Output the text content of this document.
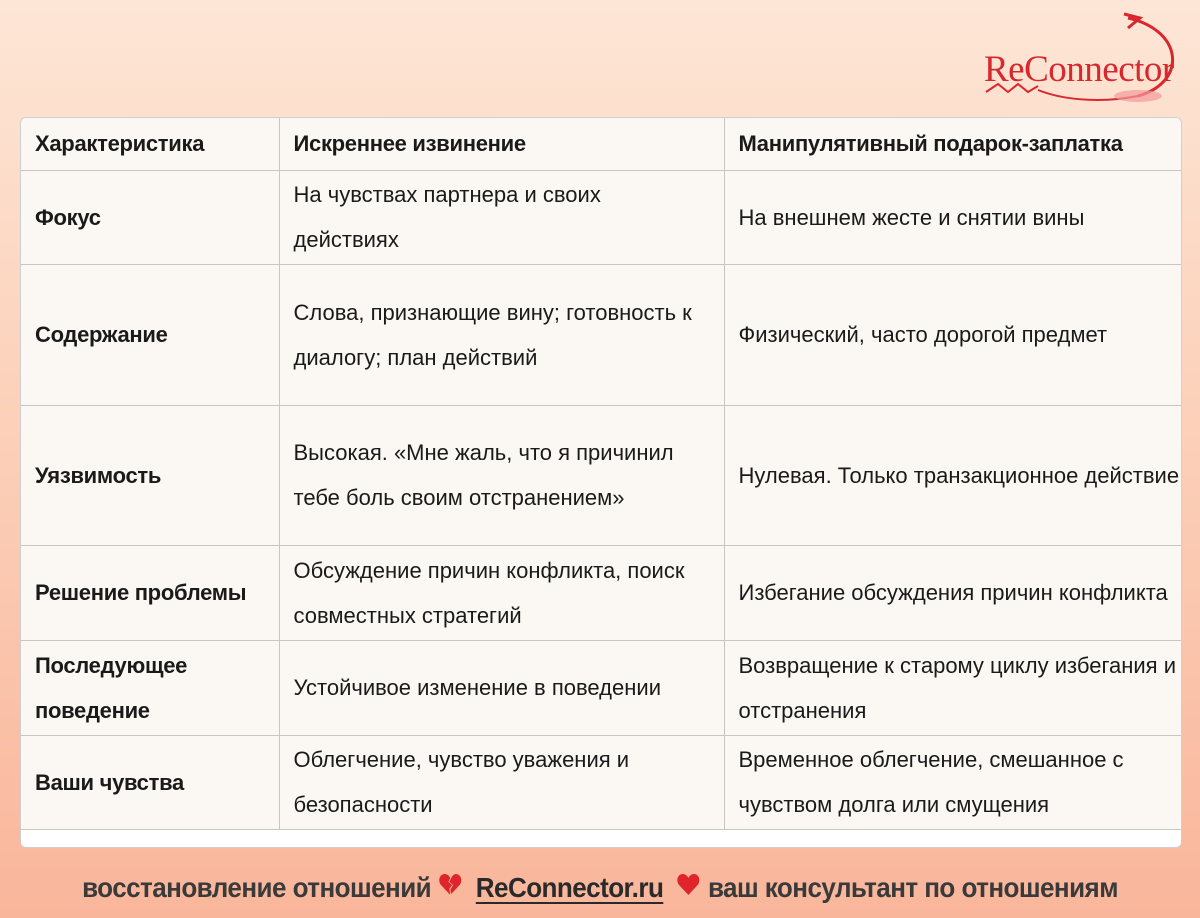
ReConnector
Характеристика	Искреннее извинение	Манипулятивный подарок-заплатка
Фокус	На чувствах партнера и своих действиях	На внешнем жесте и снятии вины
Содержание	Слова, признающие вину; готовность к диалогу; план действий	Физический, часто дорогой предмет
Уязвимость	Высокая. «Мне жаль, что я причинил тебе боль своим отстранением»	Нулевая. Только транзакционное действие
Решение проблемы	Обсуждение причин конфликта, поиск совместных стратегий	Избегание обсуждения причин конфликта
Последующее поведение	Устойчивое изменение в поведении	Возвращение к старому циклу избегания и отстранения
Ваши чувства	Облегчение, чувство уважения и безопасности	Временное облегчение, смешанное с чувством долга или смущения
восстановление отношений ReConnector.ru ваш консультант по отношениям
